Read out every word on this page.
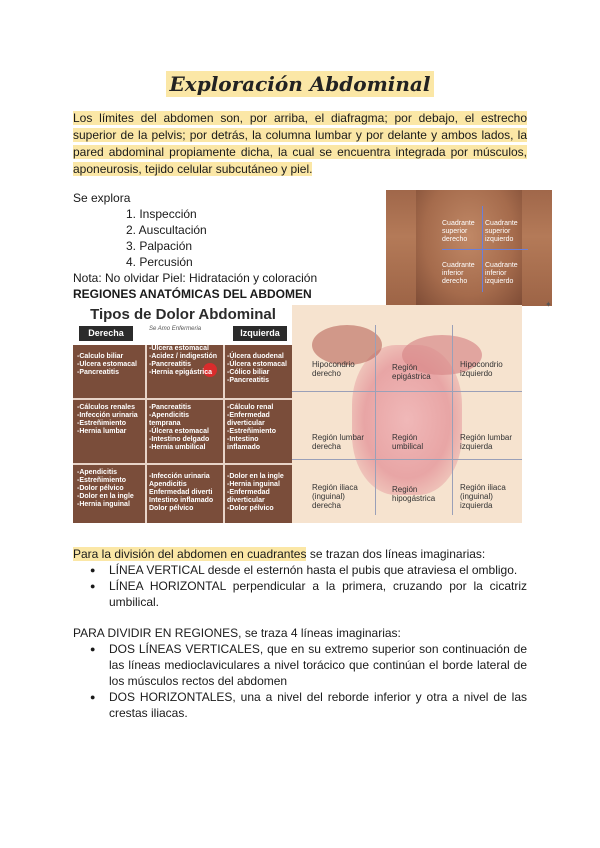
Exploración Abdominal
Los límites del abdomen son, por arriba, el diafragma; por debajo, el estrecho superior de la pelvis; por detrás, la columna lumbar y por delante y ambos lados, la pared abdominal propiamente dicha, la cual se encuentra integrada por músculos, aponeurosis, tejido celular subcutáneo y piel.
Se explora
1. Inspección
2. Auscultación
3. Palpación
4. Percusión
Nota: No olvidar Piel: Hidratación y coloración
REGIONES ANATÓMICAS DEL ABDOMEN
Cuadrante superior derecho
Cuadrante superior izquierdo
Cuadrante inferior derecho
Cuadrante inferior izquierdo
✦
Tipos de Dolor Abdominal
Se Amo Enfermeria
Derecha	Izquierda
-Calculo biliar
-Ulcera estomacal
-Pancreatitis
-Úlcera estomacal
-Acidez / indigestión
-Pancreatitis
-Hernia epigástrica
-Úlcera duodenal
-Úlcera estomacal
-Cólico biliar
-Pancreatitis
-Cálculos renales
-Infección urinaria
-Estreñimiento
-Hernia lumbar
-Pancreatitis
-Apendicitis temprana
-Úlcera estomacal
-Intestino delgado
-Hernia umbilical
-Cálculo renal
-Enfermedad diverticular
-Estreñimiento
-Intestino inflamado
-Apendicitis
-Estreñimiento
-Dolor pélvico
-Dolor en la ingle
-Hernia inguinal
-Infección urinaria
Apendicitis
Enfermedad diverti
Intestino inflamado
Dolor pélvico
-Dolor en la ingle
-Hernia inguinal
-Enfermedad diverticular
-Dolor pélvico
Hipocondrio derecho
Región epigástrica
Hipocondrio izquierdo
Región lumbar derecha
Región umbilical
Región lumbar izquierda
Región iliaca (inguinal) derecha
Región hipogástrica
Región iliaca (inguinal) izquierda
Para la división del abdomen en cuadrantes se trazan dos líneas imaginarias:
● LÍNEA VERTICAL desde el esternón hasta el pubis que atraviesa el ombligo.
● LÍNEA HORIZONTAL perpendicular a la primera, cruzando por la cicatriz umbilical.
PARA DIVIDIR EN REGIONES, se traza 4 líneas imaginarias:
● DOS LÍNEAS VERTICALES, que en su extremo superior son continuación de las líneas medioclaviculares a nivel torácico que continúan el borde lateral de los músculos rectos del abdomen
● DOS HORIZONTALES, una a nivel del reborde inferior y otra a nivel de las crestas iliacas.
